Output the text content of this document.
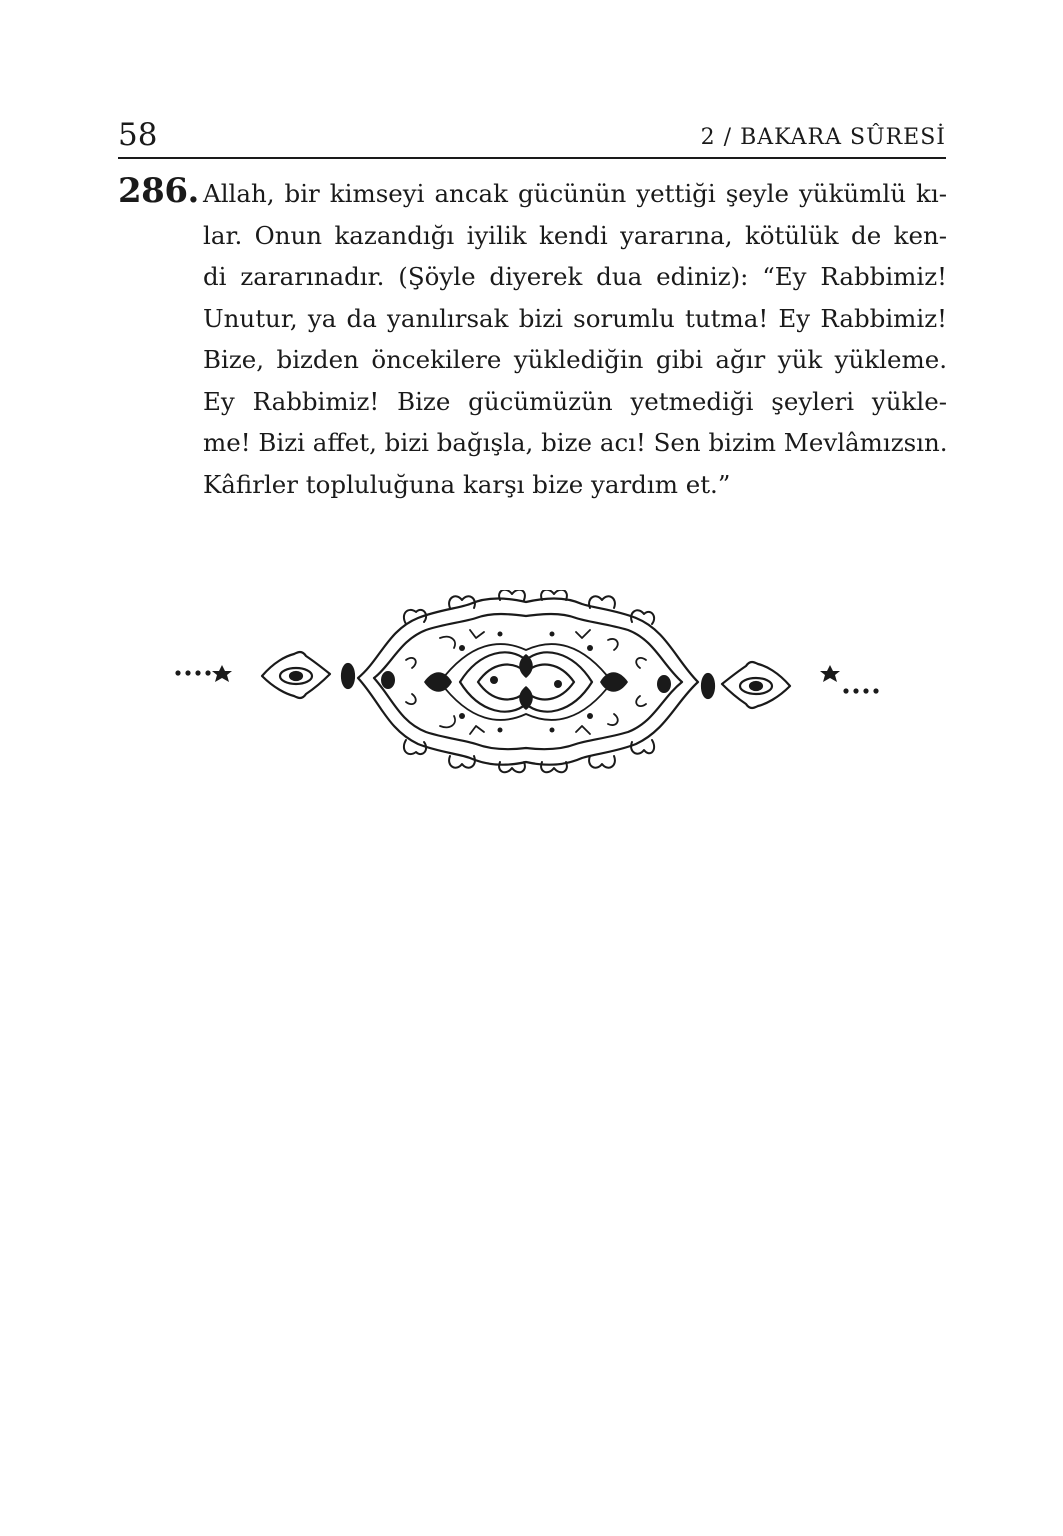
58	2 / BAKARA SÛRESİ
286. Allah, bir kimseyi ancak gücünün yettiği şeyle yükümlü kı-
lar. Onun kazandığı iyilik kendi yararına, kötülük de ken-
di zararınadır. (Şöyle diyerek dua ediniz): “Ey Rabbimiz!
Unutur, ya da yanılırsak bizi sorumlu tutma! Ey Rabbimiz!
Bize, bizden öncekilere yüklediğin gibi ağır yük yükleme.
Ey Rabbimiz! Bize gücümüzün yetmediği şeyleri yükle-
me! Bizi affet, bizi bağışla, bize acı! Sen bizim Mevlâmızsın.
Kâfirler topluluğuna karşı bize yardım et.”
